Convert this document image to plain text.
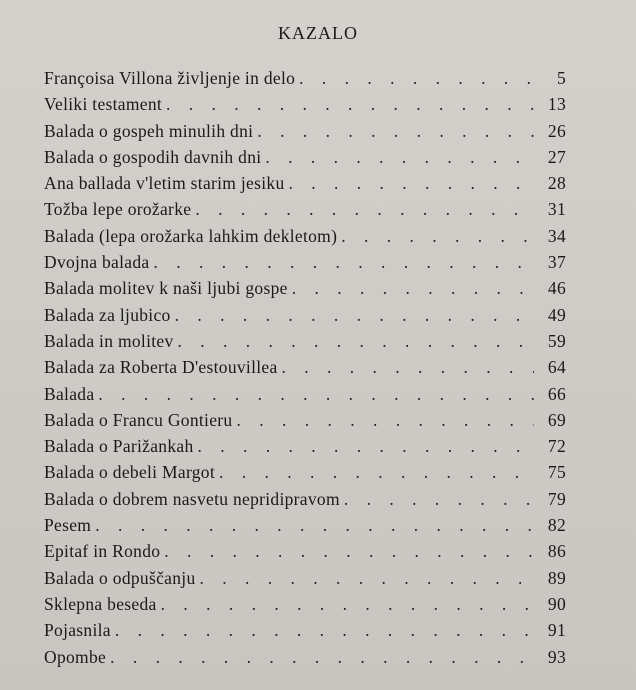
KAZALO
Françoisa Villona življenje in delo . . .	5
Veliki testament . . .	13
Balada o gospeh minulih dni . . .	26
Balada o gospodih davnih dni . . .	27
Ana ballada v'letim starim jesiku . . .	28
Tožba lepe orožarke . . .	31
Balada (lepa orožarka lahkim dekletom) . . .	34
Dvojna balada . . .	37
Balada molitev k naši ljubi gospe . . .	46
Balada za ljubico . . .	49
Balada in molitev . . .	59
Balada za Roberta D'estouvillea . . .	64
Balada . . .	66
Balada o Francu Gontieru . . .	69
Balada o Parižankah . . .	72
Balada o debeli Margot . . .	75
Balada o dobrem nasvetu nepridipravom . . .	79
Pesem . . .	82
Epitaf in Rondo . . .	86
Balada o odpuščanju . . .	89
Sklepna beseda . . .	90
Pojasnila . . .	91
Opombe . . .	93
